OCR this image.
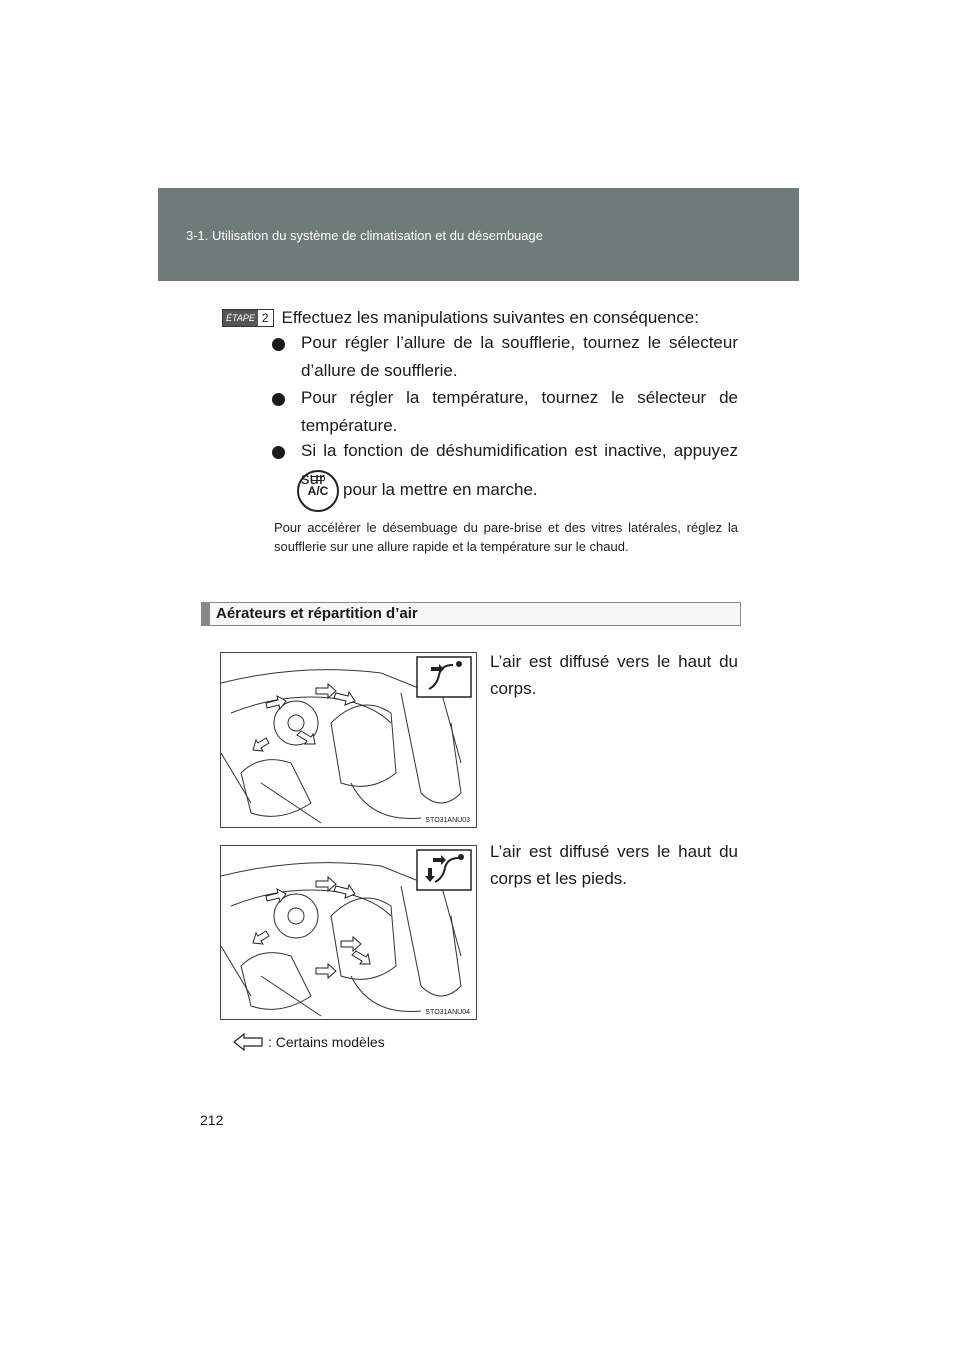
3-1. Utilisation du système de climatisation et du désembuage
ÉTAPE 2 Effectuez les manipulations suivantes en conséquence:
Pour régler l’allure de la soufflerie, tournez le sélecteur d’allure de soufflerie.
Pour régler la température, tournez le sélecteur de température.
Si la fonction de déshumidification est inactive, appuyez sur
A/C pour la mettre en marche.
Pour accélérer le désembuage du pare-brise et des vitres latérales, réglez la soufflerie sur une allure rapide et la température sur le chaud.
Aérateurs et répartition d’air
STO31ANU03
L’air est diffusé vers le haut du corps.
STO31ANU04
L’air est diffusé vers le haut du corps et les pieds.
: Certains modèles
212
